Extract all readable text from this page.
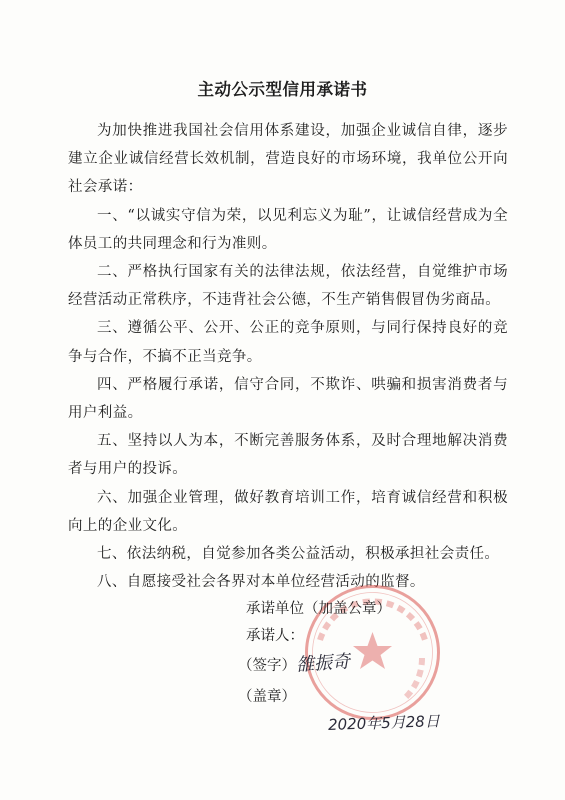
主动公示型信用承诺书

为加快推进我国社会信用体系建设，加强企业诚信自律，逐步建立企业诚信经营长效机制，营造良好的市场环境，我单位公开向社会承诺：

一、“以诚实守信为荣，以见利忘义为耻”，让诚信经营成为全体员工的共同理念和行为准则。

二、严格执行国家有关的法律法规，依法经营，自觉维护市场经营活动正常秩序，不违背社会公德，不生产销售假冒伪劣商品。

三、遵循公平、公开、公正的竞争原则，与同行保持良好的竞争与合作，不搞不正当竞争。

四、严格履行承诺，信守合同，不欺诈、哄骗和损害消费者与用户利益。

五、坚持以人为本，不断完善服务体系，及时合理地解决消费者与用户的投诉。

六、加强企业管理，做好教育培训工作，培育诚信经营和积极向上的企业文化。

七、依法纳税，自觉参加各类公益活动，积极承担社会责任。

八、自愿接受社会各界对本单位经营活动的监督。

承诺单位（加盖公章）
承诺人：
（签字） 雒振奇
（盖章）
2020年5月28日
